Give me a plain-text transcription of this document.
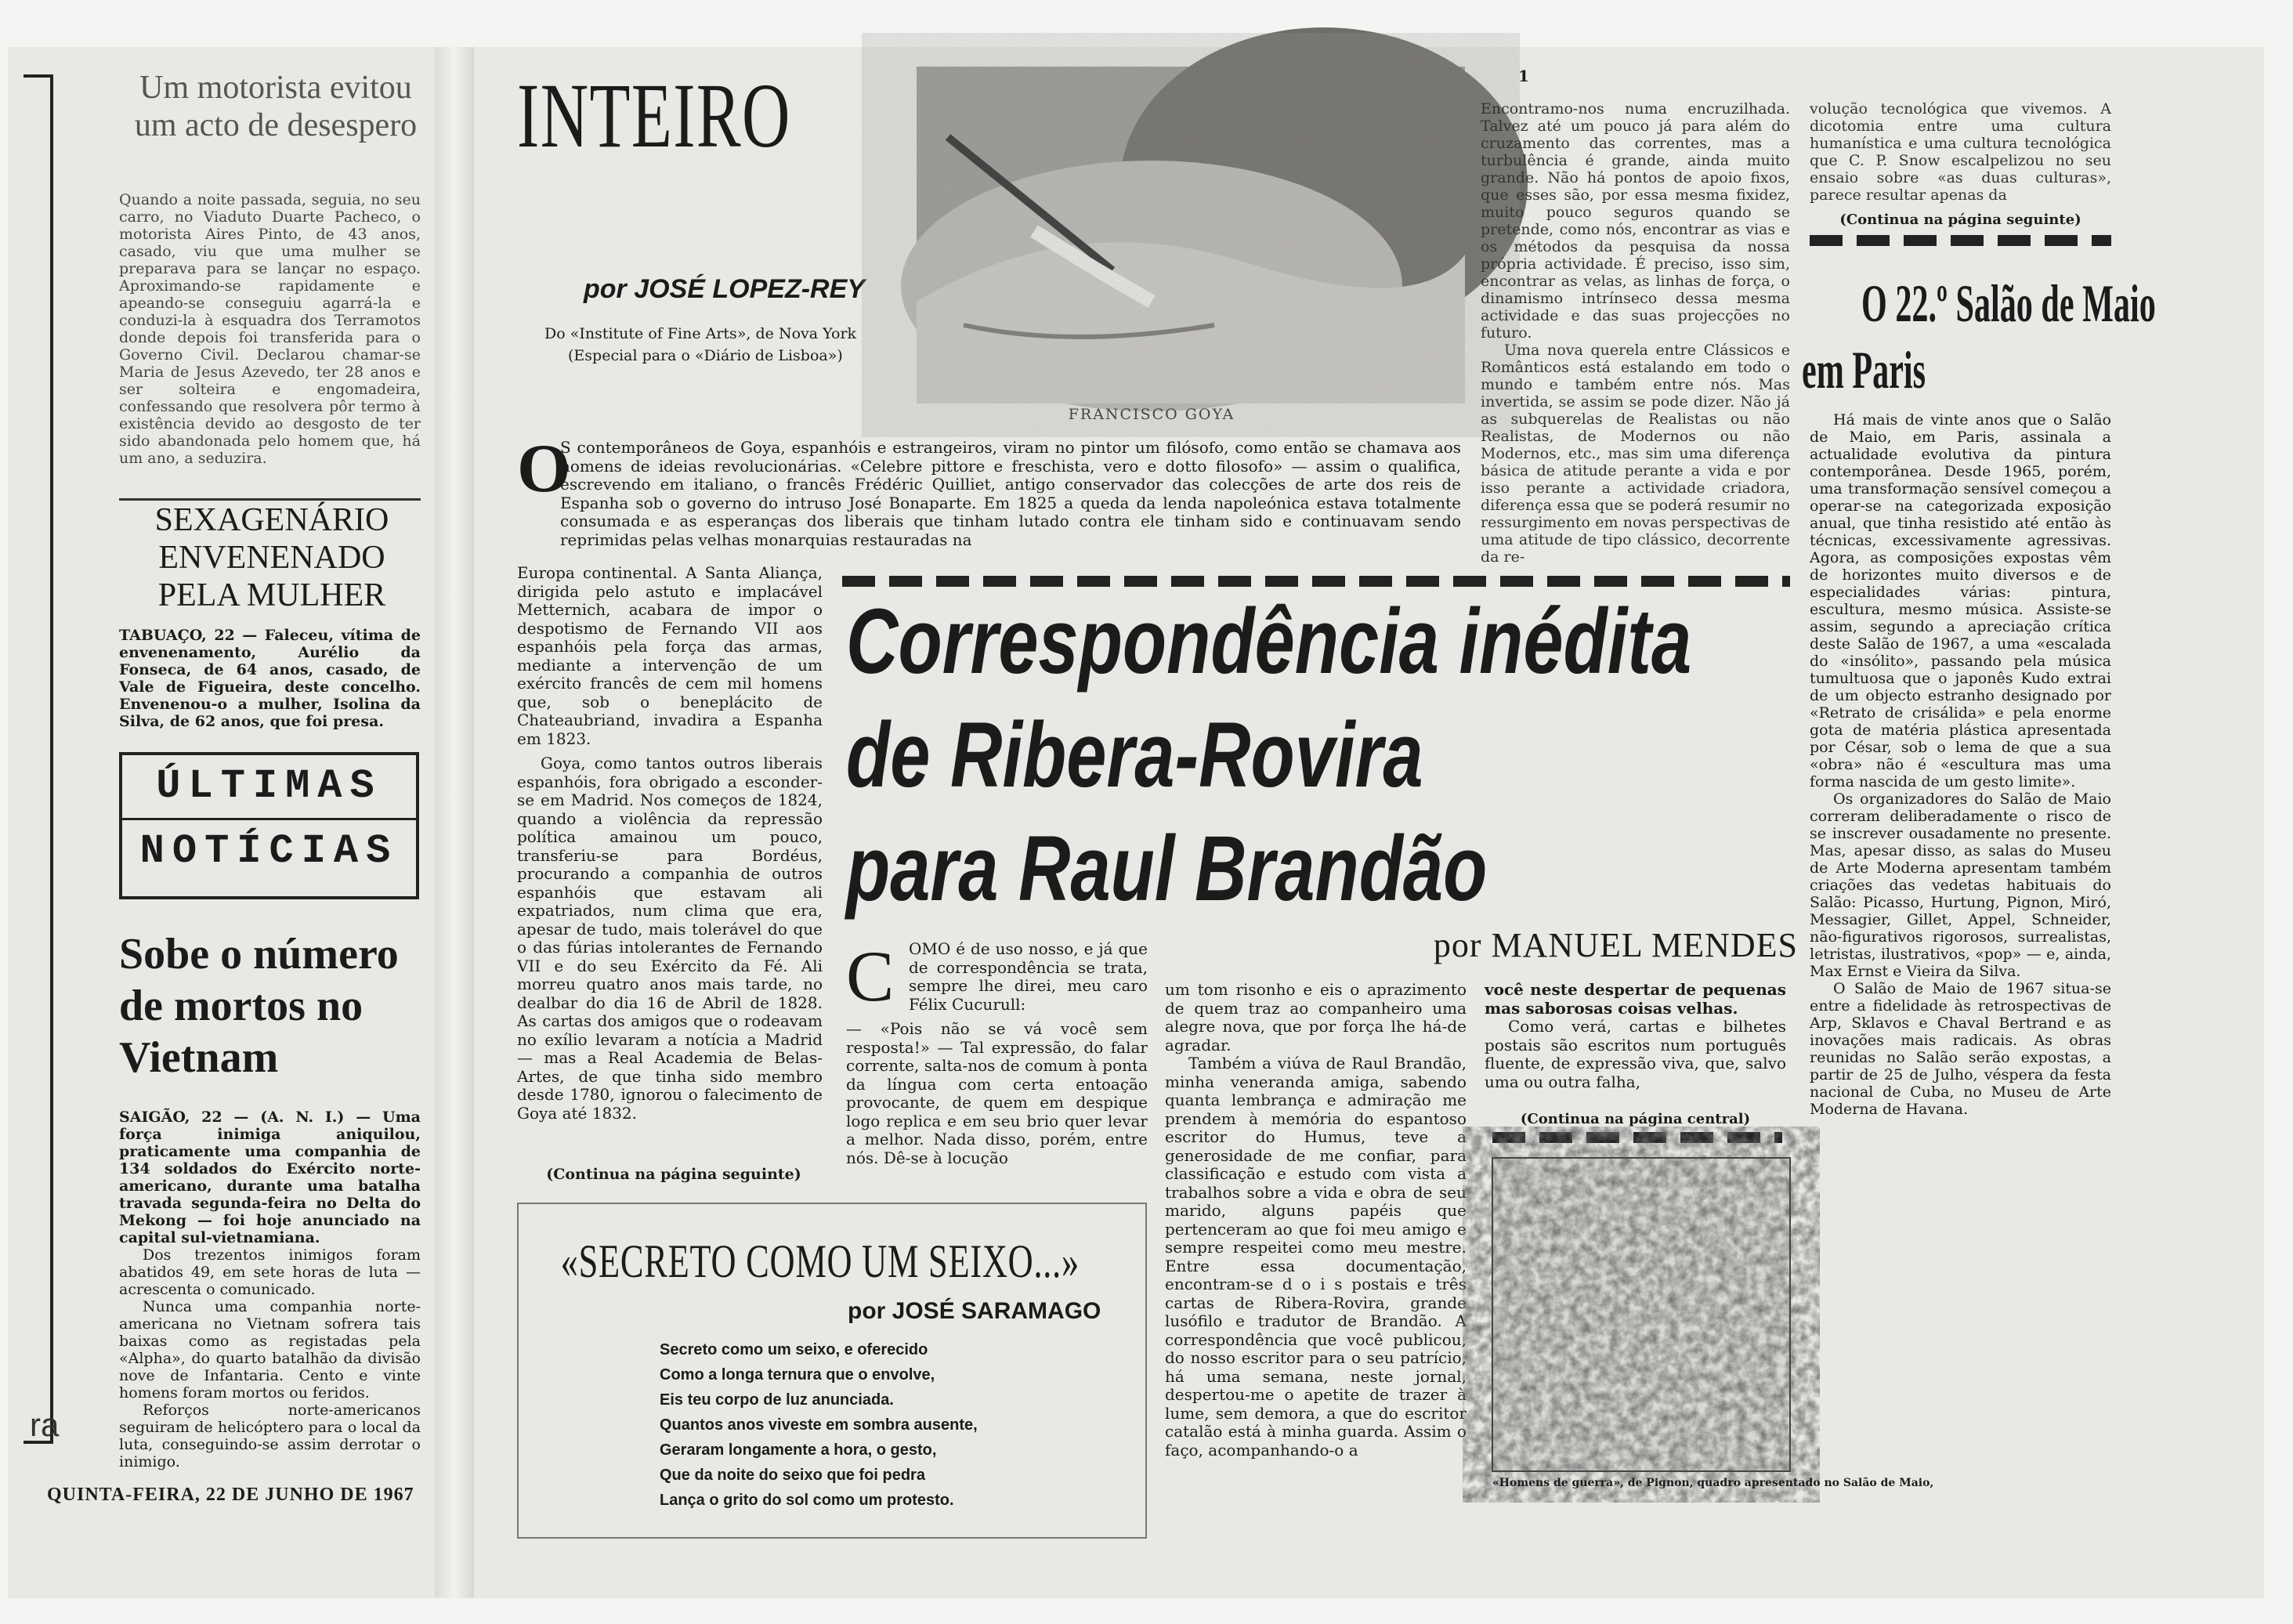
ra
Um motorista evitou um acto de desespero
Quando a noite passada, seguia, no seu carro, no Viaduto Duarte Pacheco, o motorista Aires Pinto, de 43 anos, casado, viu que uma mulher se preparava para se lançar no espaço. Aproximando-se rapidamente e apeando-se conseguiu agarrá-la e conduzi-la à esquadra dos Terramotos donde depois foi transferida para o Governo Civil. Declarou chamar-se Maria de Jesus Azevedo, ter 28 anos e ser solteira e engomadeira, confessando que resolvera pôr termo à existência devido ao desgosto de ter sido abandonada pelo homem que, há um ano, a seduzira.
SEXAGENÁRIO ENVENENADO PELA MULHER
TABUAÇO, 22 — Faleceu, vítima de envenenamento, Aurélio da Fonseca, de 64 anos, casado, de Vale de Figueira, deste concelho. Envenenou-o a mulher, Isolina da Silva, de 62 anos, que foi presa.
ÚLTIMAS
NOTÍCIAS
Sobe o número de mortos no Vietnam
SAIGÃO, 22 — (A. N. I.) — Uma força inimiga aniquilou, praticamente uma companhia de 134 soldados do Exército norte-americano, durante uma batalha travada segunda-feira no Delta do Mekong — foi hoje anunciado na capital sul-vietnamiana.
Dos trezentos inimigos foram abatidos 49, em sete horas de luta — acrescenta o comunicado.
Nunca uma companhia norte-americana no Vietnam sofrera tais baixas como as registadas pela «Alpha», do quarto batalhão da divisão nove de Infantaria. Cento e vinte homens foram mortos ou feridos.
Reforços norte-americanos seguiram de helicóptero para o local da luta, conseguindo-se assim derrotar o inimigo.
QUINTA-FEIRA, 22 DE JUNHO DE 1967
INTEIRO
por JOSÉ LOPEZ-REY
Do «Institute of Fine Arts», de Nova York
(Especial para o «Diário de Lisboa»)
FRANCISCO GOYA
O
S contemporâneos de Goya, espanhóis e estrangeiros, viram no pintor um filósofo, como então se chamava aos homens de ideias revolucionárias. «Celebre pittore e freschista, vero e dotto filosofo» — assim o qualifica, escrevendo em italiano, o francês Frédéric Quilliet, antigo conservador das colecções de arte dos reis de Espanha sob o governo do intruso José Bonaparte. Em 1825 a queda da lenda napoleónica estava totalmente consumada e as esperanças dos liberais que tinham lutado contra ele tinham sido e continuavam sendo reprimidas pelas velhas monarquias restauradas na
Europa continental. A Santa Aliança, dirigida pelo astuto e implacável Metternich, acabara de impor o despotismo de Fernando VII aos espanhóis pela força das armas, mediante a intervenção de um exército francês de cem mil homens que, sob o beneplácito de Chateaubriand, invadira a Espanha em 1823.
Goya, como tantos outros liberais espanhóis, fora obrigado a esconder-se em Madrid. Nos começos de 1824, quando a violência da repressão política amainou um pouco, transferiu-se para Bordéus, procurando a companhia de outros espanhóis que estavam ali expatriados, num clima que era, apesar de tudo, mais tolerável do que o das fúrias intolerantes de Fernando VII e do seu Exército da Fé. Ali morreu quatro anos mais tarde, no dealbar do dia 16 de Abril de 1828. As cartas dos amigos que o rodeavam no exílio levaram a notícia a Madrid — mas a Real Academia de Belas-Artes, de que tinha sido membro desde 1780, ignorou o falecimento de Goya até 1832.
(Continua na página seguinte)
1
Encontramo-nos numa encruzilhada. Talvez até um pouco já para além do cruzamento das correntes, mas a turbulência é grande, ainda muito grande. Não há pontos de apoio fixos, que esses são, por essa mesma fixidez, muito pouco seguros quando se pretende, como nós, encontrar as vias e os métodos da pesquisa da nossa própria actividade. É preciso, isso sim, encontrar as velas, as linhas de força, o dinamismo intrínseco dessa mesma actividade e das suas projecções no futuro.
Uma nova querela entre Clássicos e Românticos está estalando em todo o mundo e também entre nós. Mas invertida, se assim se pode dizer. Não já as subquerelas de Realistas ou não Realistas, de Modernos ou não Modernos, etc., mas sim uma diferença básica de atitude perante a vida e por isso perante a actividade criadora, diferença essa que se poderá resumir no ressurgimento em novas perspectivas de uma atitude de tipo clássico, decorrente da re-
volução tecnológica que vivemos. A dicotomia entre uma cultura humanística e uma cultura tecnológica que C. P. Snow escalpelizou no seu ensaio sobre «as duas culturas», parece resultar apenas da
(Continua na página seguinte)
O 22.º Salão de Maio
em Paris
Há mais de vinte anos que o Salão de Maio, em Paris, assinala a actualidade evolutiva da pintura contemporânea. Desde 1965, porém, uma transformação sensível começou a operar-se na categorizada exposição anual, que tinha resistido até então às técnicas, excessivamente agressivas. Agora, as composições expostas vêm de horizontes muito diversos e de especialidades várias: pintura, escultura, mesmo música. Assiste-se assim, segundo a apreciação crítica deste Salão de 1967, a uma «escalada do «insólito», passando pela música tumultuosa que o japonês Kudo extrai de um objecto estranho designado por «Retrato de crisálida» e pela enorme gota de matéria plástica apresentada por César, sob o lema de que a sua «obra» não é «escultura mas uma forma nascida de um gesto limite».
Os organizadores do Salão de Maio correram deliberadamente o risco de se inscrever ousadamente no presente. Mas, apesar disso, as salas do Museu de Arte Moderna apresentam também criações das vedetas habituais do Salão: Picasso, Hurtung, Pignon, Miró, Messagier, Gillet, Appel, Schneider, não-figurativos rigorosos, surrealistas, letristas, ilustrativos, «pop» — e, ainda, Max Ernst e Vieira da Silva.
O Salão de Maio de 1967 situa-se entre a fidelidade às retrospectivas de Arp, Sklavos e Chaval Bertrand e as inovações mais radicais. As obras reunidas no Salão serão expostas, a partir de 25 de Julho, véspera da festa nacional de Cuba, no Museu de Arte Moderna de Havana.
Correspondência inédita
de Ribera-Rovira
para Raul Brandão
por MANUEL MENDES
C OMO é de uso nosso, e já que de correspondência se trata, sempre lhe direi, meu caro Félix Cucurull:
— «Pois não se vá você sem resposta!» — Tal expressão, do falar corrente, salta-nos de comum à ponta da língua com certa entoação provocante, de quem em despique logo replica e em seu brio quer levar a melhor. Nada disso, porém, entre nós. Dê-se à locução
um tom risonho e eis o aprazimento de quem traz ao companheiro uma alegre nova, que por força lhe há-de agradar.
Também a viúva de Raul Brandão, minha veneranda amiga, sabendo quanta lembrança e admiração me prendem à memória do espantoso escritor do Humus, teve a generosidade de me confiar, para classificação e estudo com vista a trabalhos sobre a vida e obra de seu marido, alguns papéis que pertenceram ao que foi meu amigo e sempre respeitei como meu mestre. Entre essa documentação, encontram-se d o i s postais e três cartas de Ribera-Rovira, grande lusófilo e tradutor de Brandão. A correspondência que você publicou, do nosso escritor para o seu patrício, há uma semana, neste jornal, despertou-me o apetite de trazer à lume, sem demora, a que do escritor catalão está à minha guarda. Assim o faço, acompanhando-o a
você neste despertar de pequenas mas saborosas coisas velhas.
Como verá, cartas e bilhetes postais são escritos num português fluente, de expressão viva, que, salvo uma ou outra falha,
(Continua na página central)
«Homens de guerra», de Pignon, quadro apresentado no Salão de Maio,
«SECRETO COMO UM SEIXO...»
por JOSÉ SARAMAGO
Secreto como um seixo, e oferecido
Como a longa ternura que o envolve,
Eis teu corpo de luz anunciada.
Quantos anos viveste em sombra ausente,
Geraram longamente a hora, o gesto,
Que da noite do seixo que foi pedra
Lança o grito do sol como um protesto.
